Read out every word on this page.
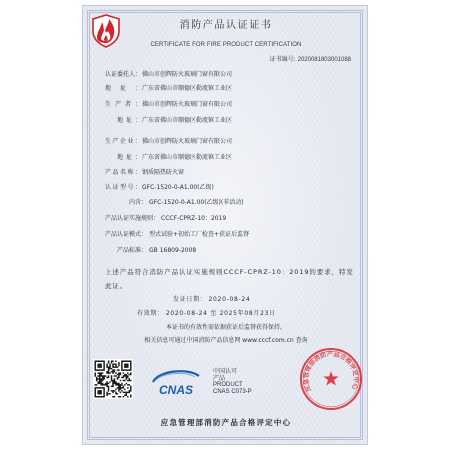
消防产品认证证书
CERTIFICATE FOR FIRE PRODUCT CERTIFICATION
证书编号: 2020081803001088
认证委托人： 佛山市创辉防火玻璃门窗有限公司
地址： 广东省佛山市顺德区勒流镇工业区
生产者： 佛山市创辉防火玻璃门窗有限公司
地址： 广东省佛山市顺德区勒流镇工业区
生产企业： 佛山市创辉防火玻璃门窗有限公司
地址： 广东省佛山市顺德区勒流镇工业区
产品名称： 钢质隔热防火窗
认证型号： GFC-1520-0-A1.00(乙级)
内含： GFC-1520-0-A1.00(乙级)(非活动)
产品认证实施规则： CCCF-CPRZ-10：2019
产品认证模式： 型式试验+初始工厂检查+获证后监督
产品标准： GB 16809-2008
上述产品符合消防产品认证实施规则CCCF-CPRZ-10：2019的要求，特发此证。
发证日期： 2020-08-24
有效期： 2020-08-24 至 2025年08月23日
本证书的有效性需依据获证后监督获得保持。
相关信息可通过中国消防产品信息网 www.cccf.com.cn 查询
CNAS
中国认可
产品
PRODUCT
CNAS C073-P	应急管理部消防产品合格评定中心
应急管理部消防产品合格评定中心
